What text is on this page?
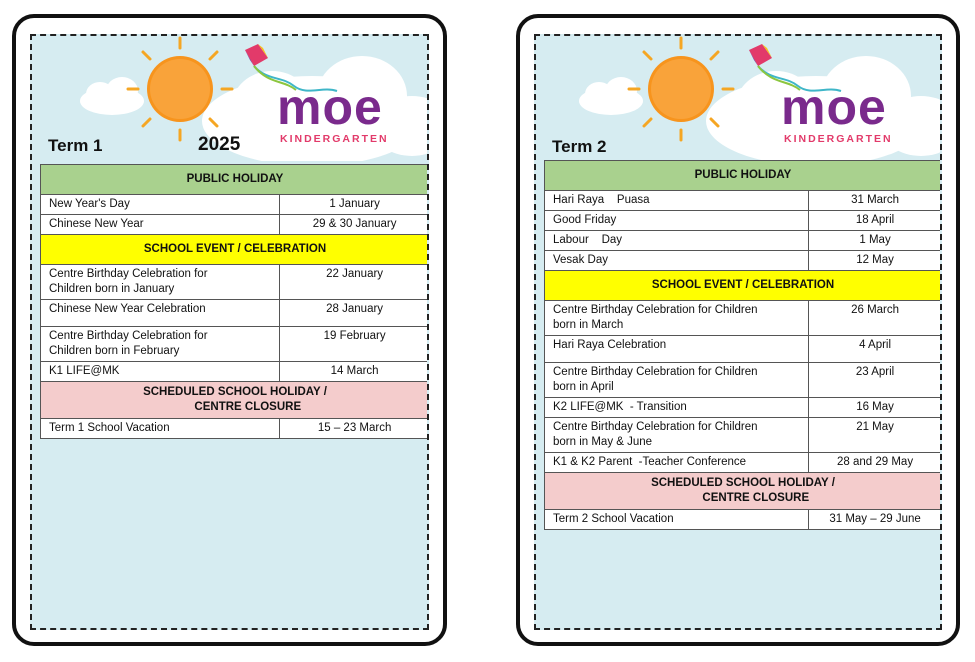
moe
KINDERGARTEN
Term 1	2025
PUBLIC HOLIDAY	
New Year's Day	1 January
Chinese New Year	29 & 30 January
SCHOOL EVENT / CELEBRATION	
Centre Birthday Celebration for
Children born in January	22 January
Chinese New Year Celebration	28 January
Centre Birthday Celebration for
Children born in February	19 February
K1 LIFE@MK	14 March
SCHEDULED SCHOOL HOLIDAY /
CENTRE CLOSURE	
Term 1 School Vacation	15 – 23 March
moe
KINDERGARTEN
Term 2
PUBLIC HOLIDAY	
Hari Raya    Puasa	31 March
Good Friday	18 April
Labour    Day	1 May
Vesak Day	12 May
SCHOOL EVENT / CELEBRATION	
Centre Birthday Celebration for Children
born in March	26 March
Hari Raya Celebration	4 April
Centre Birthday Celebration for Children
born in April	23 April
K2 LIFE@MK  - Transition	16 May
Centre Birthday Celebration for Children
born in May & June	21 May
K1 & K2 Parent  -Teacher Conference	28 and 29 May
SCHEDULED SCHOOL HOLIDAY /
CENTRE CLOSURE	
Term 2 School Vacation	31 May – 29 June
